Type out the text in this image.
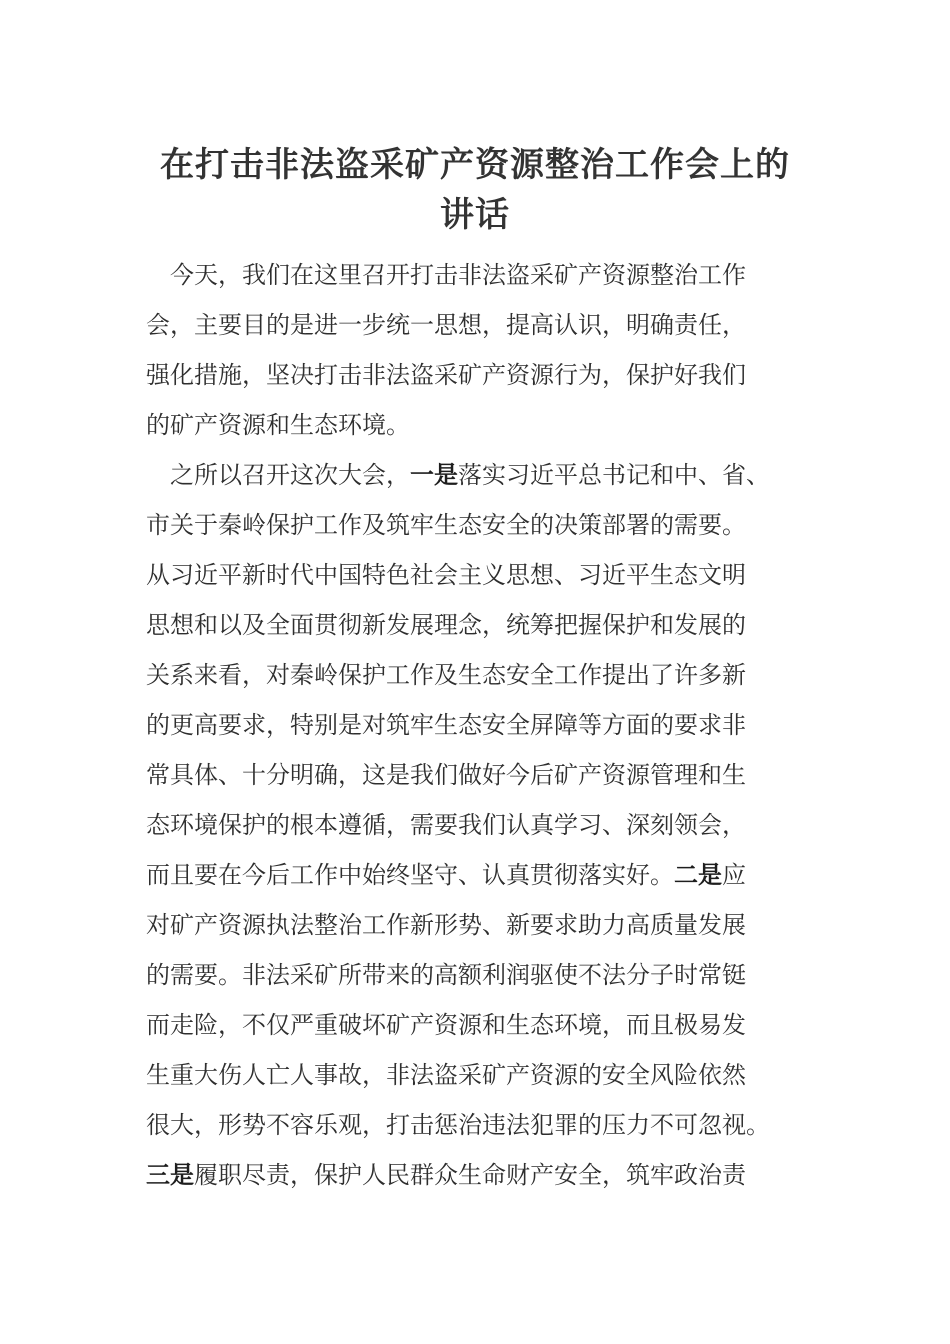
在打击非法盗采矿产资源整治工作会上的
讲话
今天，我们在这里召开打击非法盗采矿产资源整治工作
会，主要目的是进一步统一思想，提高认识，明确责任，
强化措施，坚决打击非法盗采矿产资源行为，保护好我们
的矿产资源和生态环境。
之所以召开这次大会，一是落实习近平总书记和中、省、
市关于秦岭保护工作及筑牢生态安全的决策部署的需要。
从习近平新时代中国特色社会主义思想、习近平生态文明
思想和以及全面贯彻新发展理念，统筹把握保护和发展的
关系来看，对秦岭保护工作及生态安全工作提出了许多新
的更高要求，特别是对筑牢生态安全屏障等方面的要求非
常具体、十分明确，这是我们做好今后矿产资源管理和生
态环境保护的根本遵循，需要我们认真学习、深刻领会，
而且要在今后工作中始终坚守、认真贯彻落实好。二是应
对矿产资源执法整治工作新形势、新要求助力高质量发展
的需要。非法采矿所带来的高额利润驱使不法分子时常铤
而走险，不仅严重破坏矿产资源和生态环境，而且极易发
生重大伤人亡人事故，非法盗采矿产资源的安全风险依然
很大，形势不容乐观，打击惩治违法犯罪的压力不可忽视。
三是履职尽责，保护人民群众生命财产安全，筑牢政治责
